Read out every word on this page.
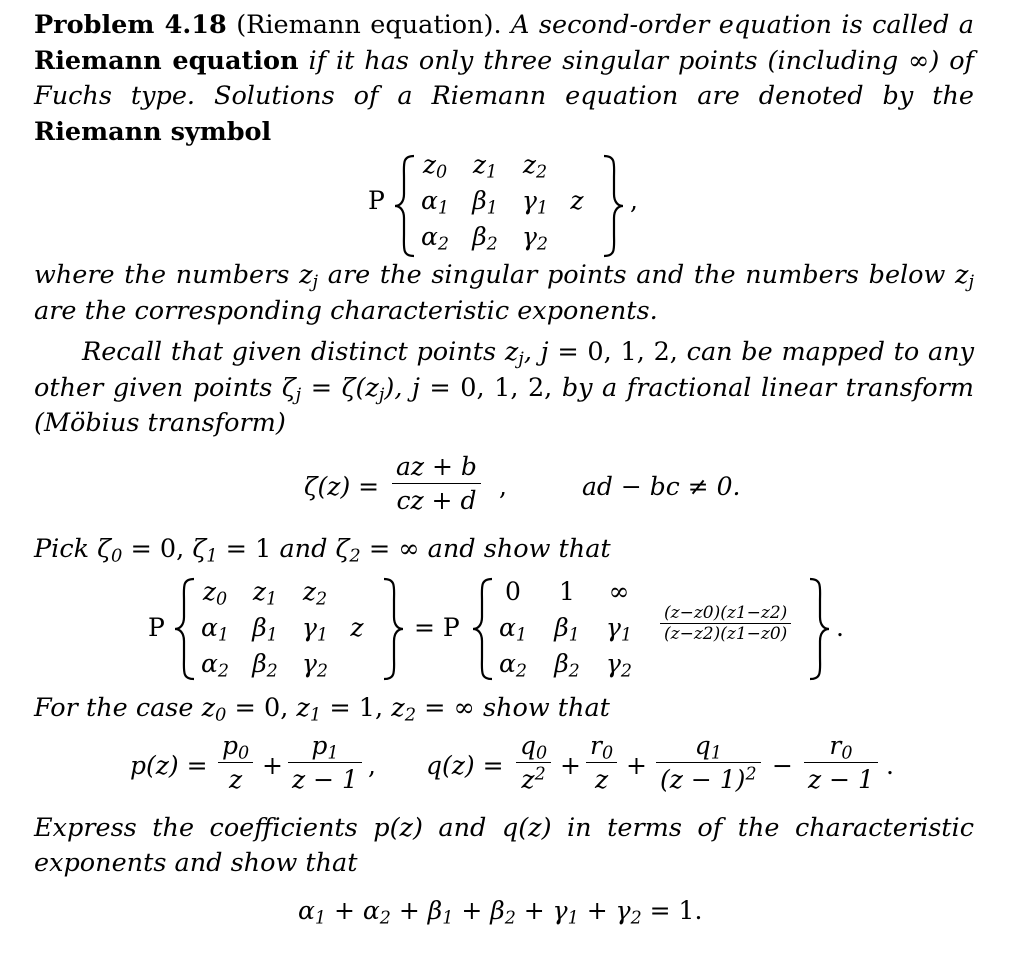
Problem 4.18 (Riemann equation). A second-order equation is called a Riemann equation if it has only three singular points (including ∞) of Fuchs type. Solutions of a Riemann equation are denoted by the Riemann symbol

P
$z_0$	$z_1$	$z_2$
$\alpha_1$ $\beta_1$ $\gamma_1$ z
$\alpha_2$ $\beta_2$ $\gamma_2$
,

where the numbers $z_j$ are the singular points and the numbers below $z_j$ are the corresponding characteristic exponents.

Recall that given distinct points $z_j$, j = 0, 1, 2, can be mapped to any other given points $\zeta_j = \zeta(z_j)$, j = 0, 1, 2, by a fractional linear transform (Möbius transform)

ζ(z) =
az + b
cz + d ,	ad − bc ≠ 0.

Pick $\zeta_0 = 0$, $\zeta_1 = 1$ and $\zeta_2$ = ∞ and show that

P
$z_0$	$z_1$	$z_2$
$\alpha_1$ $\beta_1$ $\gamma_1$ z
$\alpha_2$ $\beta_2$ $\gamma_2$
= P
0	1	∞
$\alpha_1$	$\beta_1$	$\gamma_1$
$\alpha_2$	$\beta_2$	$\gamma_2$
(z−z0)(z1−z2)
(z−z2)(z1−z0) .

For the case $z_0 = 0$, $z_1 = 1$, $z_2$ = ∞ show that

p(z) =
$p_0$
z +
$p_1$
z − 1 , q(z) =
$q_0$
$z^2$ +
$r_0$
z +
$q_1$
$(z - 1)^2$ −
$r_0$
z − 1 .

Express the coefficients p(z) and q(z) in terms of the characteristic exponents and show that

$\alpha_1 + \alpha_2 + \beta_1 + \beta_2 + \gamma_1 + \gamma_2 = 1$.
